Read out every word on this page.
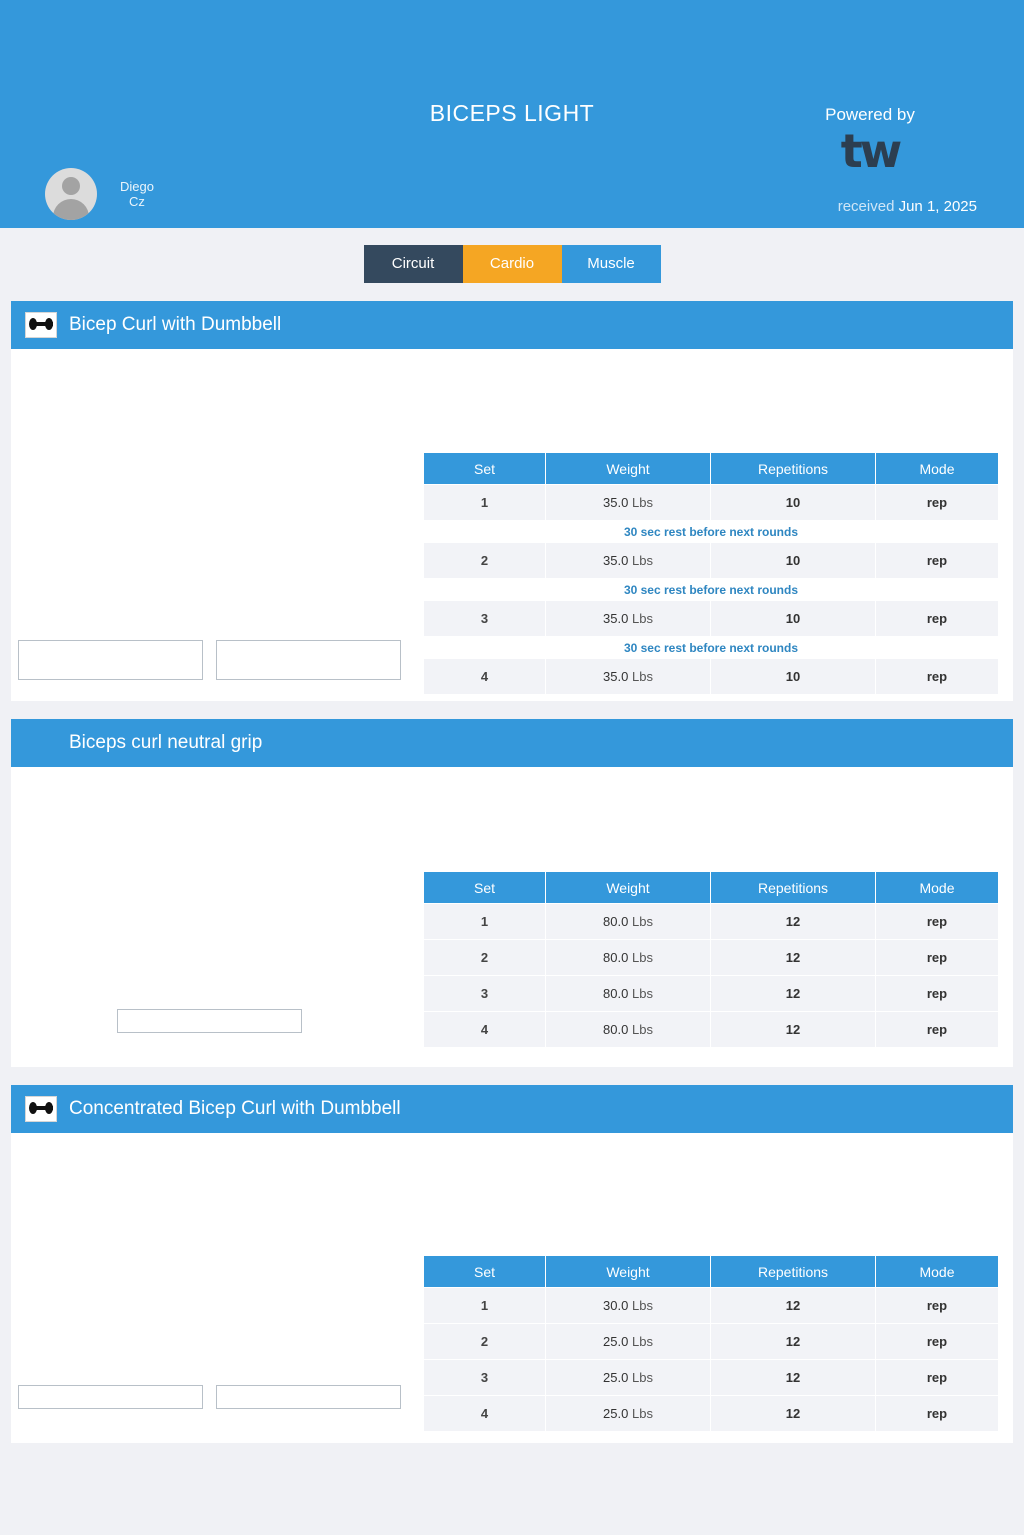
BICEPS LIGHT	Powered by
tw
received Jun 1, 2025
Diego
Cz
Circuit	Cardio	Muscle
Bicep Curl with Dumbbell
Set	Weight	Repetitions	Mode
1	35.0 Lbs	10	rep
30 sec rest before next rounds			
2	35.0 Lbs	10	rep
30 sec rest before next rounds			
3	35.0 Lbs	10	rep
30 sec rest before next rounds			
4	35.0 Lbs	10	rep
Biceps curl neutral grip
Set	Weight	Repetitions	Mode
1	80.0 Lbs	12	rep
2	80.0 Lbs	12	rep
3	80.0 Lbs	12	rep
4	80.0 Lbs	12	rep
Concentrated Bicep Curl with Dumbbell
Set	Weight	Repetitions	Mode
1	30.0 Lbs	12	rep
2	25.0 Lbs	12	rep
3	25.0 Lbs	12	rep
4	25.0 Lbs	12	rep
